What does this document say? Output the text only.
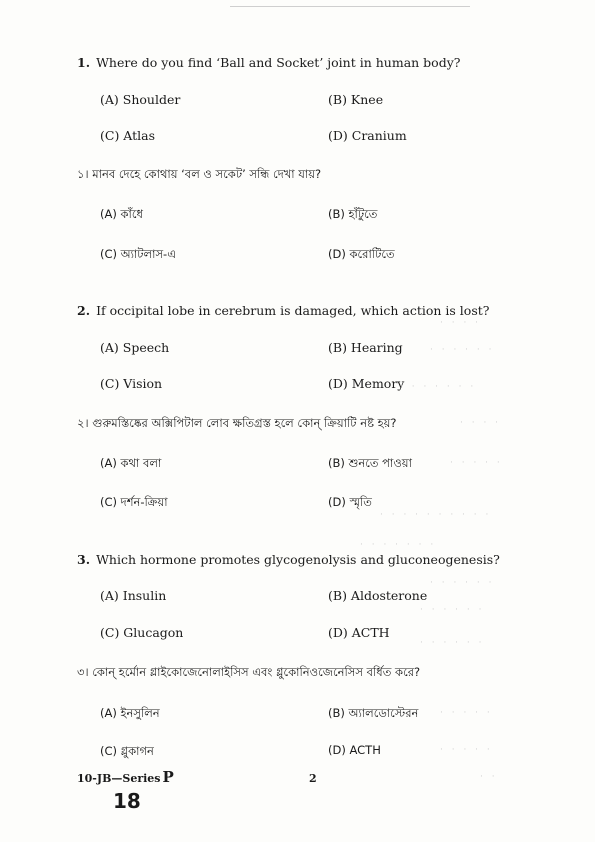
1. Where do you find ‘Ball and Socket’ joint in human body?
(A) Shoulder	(B) Knee
(C) Atlas	(D) Cranium
১। মানব দেহে কোথায় ‘বল ও সকেট’ সন্ধি দেখা যায়?
(A) কাঁধে	(B) হাঁটুতে
(C) অ্যাটলাস-এ	(D) করোটিতে
2. If occipital lobe in cerebrum is damaged, which action is lost?
(A) Speech	(B) Hearing
(C) Vision	(D) Memory
২। গুরুমস্তিষ্কের অক্সিপিটাল লোব ক্ষতিগ্রস্ত হলে কোন্ ক্রিয়াটি নষ্ট হয়?
(A) কথা বলা	(B) শুনতে পাওয়া
(C) দর্শন-ক্রিয়া	(D) স্মৃতি
3. Which hormone promotes glycogenolysis and gluconeogenesis?
(A) Insulin	(B) Aldosterone
(C) Glucagon	(D) ACTH
৩। কোন্ হর্মোন গ্লাইকোজেনোলাইসিস এবং গ্লুকোনিওজেনেসিস বর্ধিত করে?
(A) ইনসুলিন	(B) অ্যালডোস্টেরন
(C) গ্লুকাগন	(D) ACTH
10-JB—Series P	2
18
· · · ·
· · · · · ·
· · · · · · ·
· · · ·
· · · · ·
· · · · · · · · · ·
· · · · · · ·
· · · · · ·
· · · · · ·
· · · · · ·
· · · · ·
· · · · ·
· ·
